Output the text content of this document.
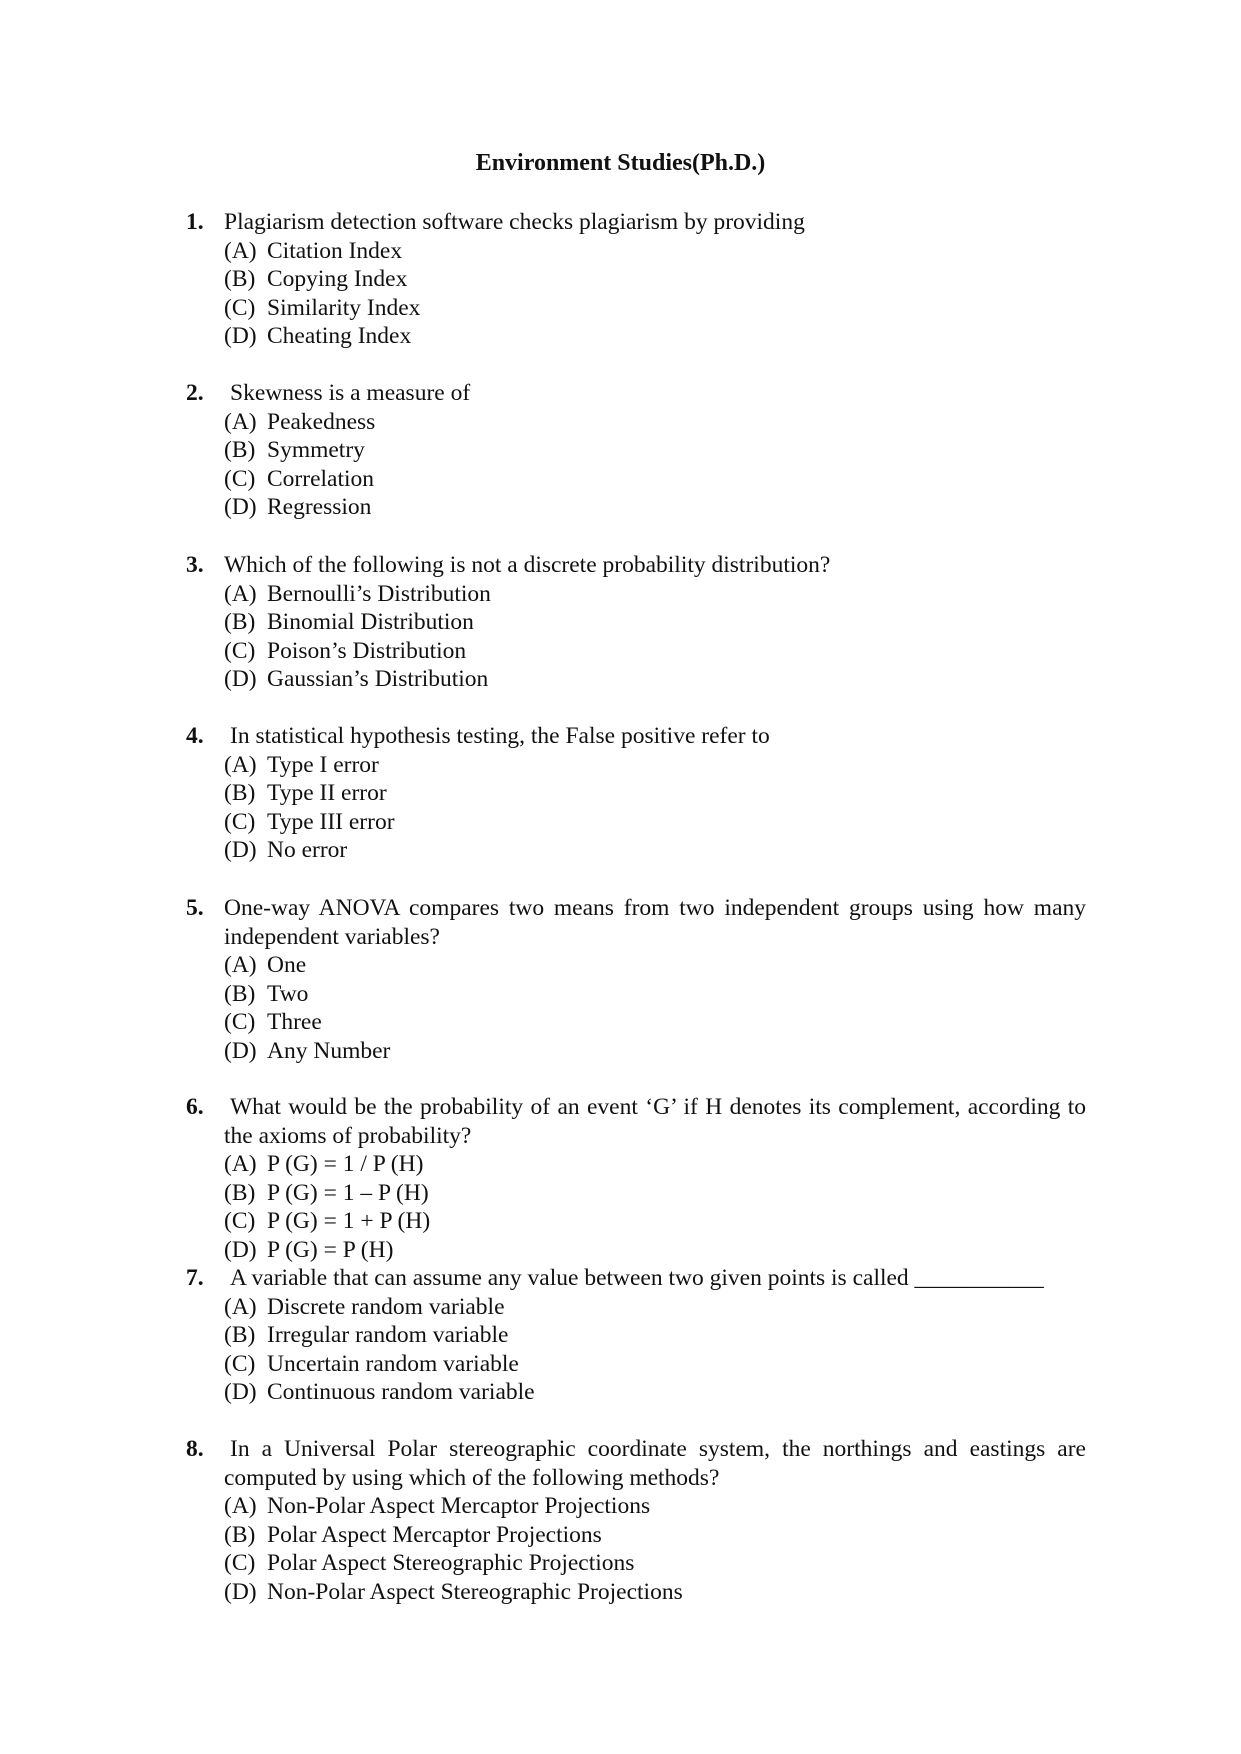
Environment Studies(Ph.D.)
1. Plagiarism detection software checks plagiarism by providing
(A) Citation Index
(B) Copying Index
(C) Similarity Index
(D) Cheating Index
2.	Skewness is a measure of
(A) Peakedness
(B) Symmetry
(C) Correlation
(D) Regression
3. Which of the following is not a discrete probability distribution?
(A) Bernoulli’s Distribution
(B) Binomial Distribution
(C) Poison’s Distribution
(D) Gaussian’s Distribution
4.	In statistical hypothesis testing, the False positive refer to
(A) Type I error
(B) Type II error
(C) Type III error
(D) No error
5. One-way ANOVA compares two means from two independent groups using how many independent variables?
(A) One
(B) Two
(C) Three
(D) Any Number
6.	What would be the probability of an event ‘G’ if H denotes its complement, according to the axioms of probability?
(A) P (G) = 1 / P (H)
(B) P (G) = 1 – P (H)
(C) P (G) = 1 + P (H)
(D) P (G) = P (H)
7.	A variable that can assume any value between two given points is called ___________
(A) Discrete random variable
(B) Irregular random variable
(C) Uncertain random variable
(D) Continuous random variable
8.	In a Universal Polar stereographic coordinate system, the northings and eastings are computed by using which of the following methods?
(A) Non-Polar Aspect Mercaptor Projections
(B) Polar Aspect Mercaptor Projections
(C) Polar Aspect Stereographic Projections
(D) Non-Polar Aspect Stereographic Projections
